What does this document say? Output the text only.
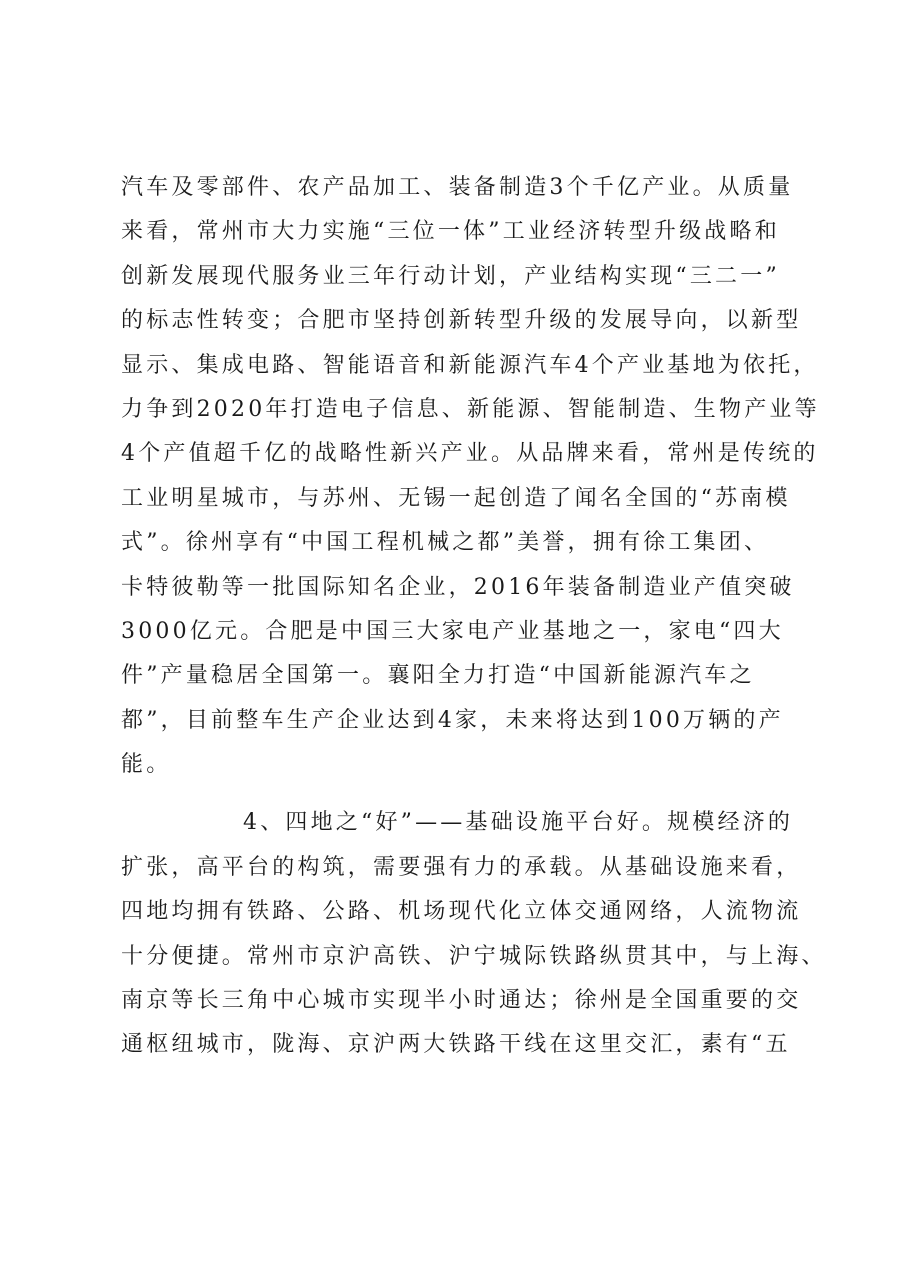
汽车及零部件、农产品加工、装备制造3个千亿产业。从质量
来看，常州市大力实施“三位一体”工业经济转型升级战略和
创新发展现代服务业三年行动计划，产业结构实现“三二一”
的标志性转变；合肥市坚持创新转型升级的发展导向，以新型
显示、集成电路、智能语音和新能源汽车4个产业基地为依托，
力争到2020年打造电子信息、新能源、智能制造、生物产业等
4个产值超千亿的战略性新兴产业。从品牌来看，常州是传统的
工业明星城市，与苏州、无锡一起创造了闻名全国的“苏南模
式”。徐州享有“中国工程机械之都”美誉，拥有徐工集团、
卡特彼勒等一批国际知名企业，2016年装备制造业产值突破
3000亿元。合肥是中国三大家电产业基地之一，家电“四大
件”产量稳居全国第一。襄阳全力打造“中国新能源汽车之
都”，目前整车生产企业达到4家，未来将达到100万辆的产
能。
4、四地之“好”——基础设施平台好。规模经济的
扩张，高平台的构筑，需要强有力的承载。从基础设施来看，
四地均拥有铁路、公路、机场现代化立体交通网络，人流物流
十分便捷。常州市京沪高铁、沪宁城际铁路纵贯其中，与上海、
南京等长三角中心城市实现半小时通达；徐州是全国重要的交
通枢纽城市，陇海、京沪两大铁路干线在这里交汇，素有“五
